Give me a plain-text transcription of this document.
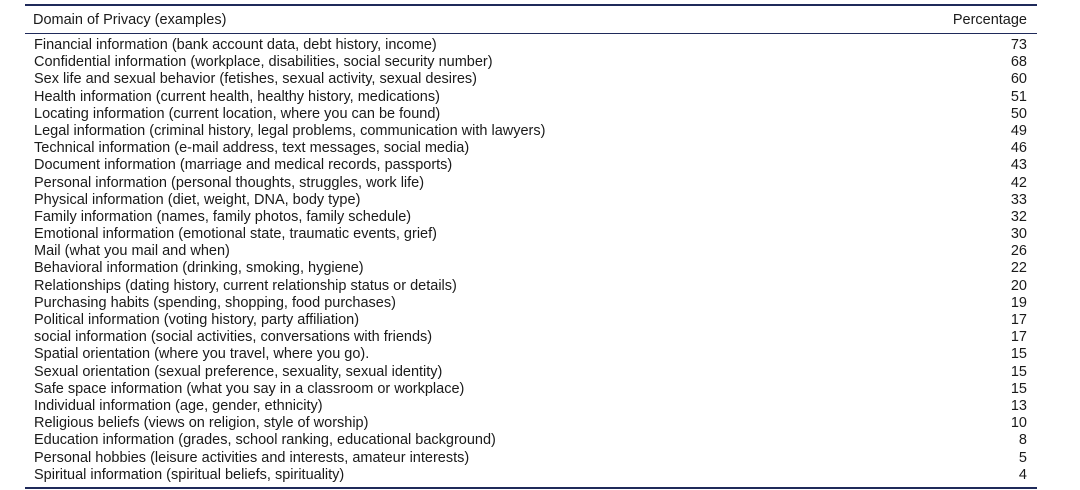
Domain of Privacy (examples)	Percentage
Financial information (bank account data, debt history, income)	73
Confidential information (workplace, disabilities, social security number)	68
Sex life and sexual behavior (fetishes, sexual activity, sexual desires)	60
Health information (current health, healthy history, medications)	51
Locating information (current location, where you can be found)	50
Legal information (criminal history, legal problems, communication with lawyers)	49
Technical information (e-mail address, text messages, social media)	46
Document information (marriage and medical records, passports)	43
Personal information (personal thoughts, struggles, work life)	42
Physical information (diet, weight, DNA, body type)	33
Family information (names, family photos, family schedule)	32
Emotional information (emotional state, traumatic events, grief)	30
Mail (what you mail and when)	26
Behavioral information (drinking, smoking, hygiene)	22
Relationships (dating history, current relationship status or details)	20
Purchasing habits (spending, shopping, food purchases)	19
Political information (voting history, party affiliation)	17
social information (social activities, conversations with friends)	17
Spatial orientation (where you travel, where you go).	15
Sexual orientation (sexual preference, sexuality, sexual identity)	15
Safe space information (what you say in a classroom or workplace)	15
Individual information (age, gender, ethnicity)	13
Religious beliefs (views on religion, style of worship)	10
Education information (grades, school ranking, educational background)	8
Personal hobbies (leisure activities and interests, amateur interests)	5
Spiritual information (spiritual beliefs, spirituality)	4
